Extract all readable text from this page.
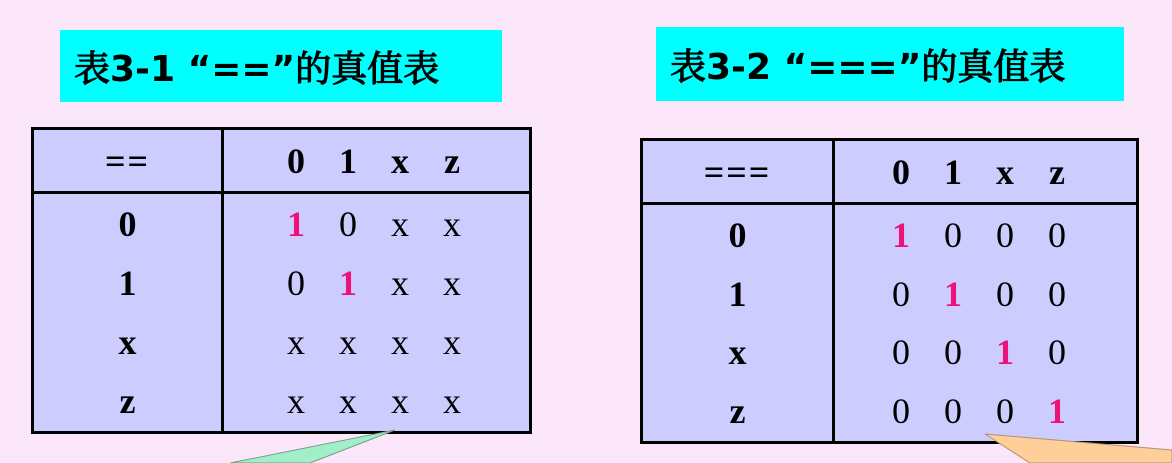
表3-1 “==”的真值表	表3-2 “===”的真值表
==	0 1 x z

0	1 0 x x

1	0 1 x x

x	x x x x

z	x x x x
===	0 1 x z

0	1 0 0 0

1	0 1 0 0

x	0 0 1 0

z	0 0 0 1
